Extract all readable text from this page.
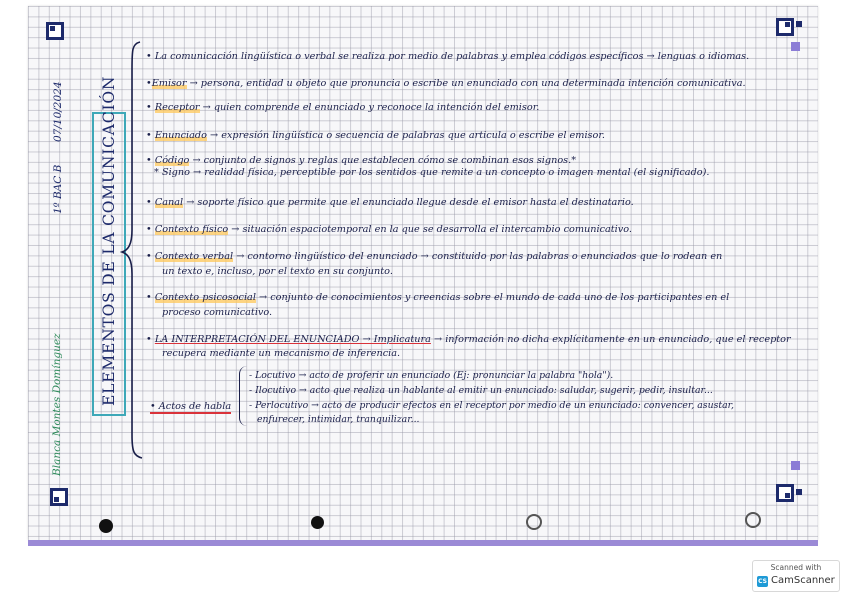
Blanca Montes Domínguez
1º BAC B
07/10/2024 ELEMENTOS DE LA COMUNICACIÓN
• La comunicación lingüística o verbal se realiza por medio de palabras y emplea códigos específicos → lenguas o idiomas.
•Emisor → persona, entidad u objeto que pronuncia o escribe un enunciado con una determinada intención comunicativa.
• Receptor → quien comprende el enunciado y reconoce la intención del emisor.
• Enunciado → expresión lingüística o secuencia de palabras que articula o escribe el emisor.
• Código → conjunto de signos y reglas que establecen cómo se combinan esos signos.*
* Signo → realidad física, perceptible por los sentidos que remite a un concepto o imagen mental (el significado).
• Canal → soporte físico que permite que el enunciado llegue desde el emisor hasta el destinatario.
• Contexto físico → situación espaciotemporal en la que se desarrolla el intercambio comunicativo.
• Contexto verbal → contorno lingüístico del enunciado → constituido por las palabras o enunciados que lo rodean en
un texto e, incluso, por el texto en su conjunto.
• Contexto psicosocial → conjunto de conocimientos y creencias sobre el mundo de cada uno de los participantes en el
proceso comunicativo.
• LA INTERPRETACIÓN DEL ENUNCIADO → Implicatura → información no dicha explícitamente en un enunciado, que el receptor
recupera mediante un mecanismo de inferencia.
• Actos de habla
- Locutivo → acto de proferir un enunciado (Ej: pronunciar la palabra "hola").
- Ilocutivo → acto que realiza un hablante al emitir un enunciado: saludar, sugerir, pedir, insultar...
- Perlocutivo → acto de producir efectos en el receptor por medio de un enunciado: convencer, asustar,
enfurecer, intimidar, tranquilizar...
Scanned with
CS CamScanner
